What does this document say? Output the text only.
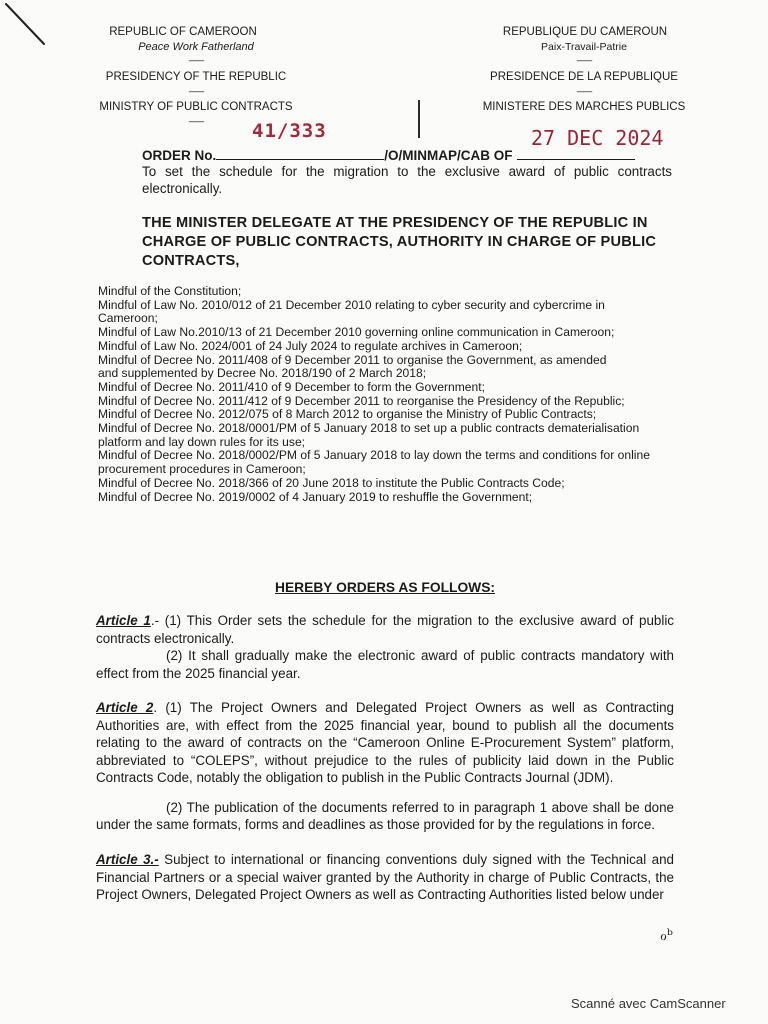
REPUBLIC OF CAMEROON
Peace Work Fatherland
---------
PRESIDENCY OF THE REPUBLIC
---------
MINISTRY OF PUBLIC CONTRACTS
---------
REPUBLIQUE DU CAMEROUN
Paix-Travail-Patrie
---------
PRESIDENCE DE LA REPUBLIQUE
---------
MINISTERE DES MARCHES PUBLICS
41/333	27 DEC 2024
ORDER No.	/O/MINMAP/CAB OF
To set the schedule for the migration to the exclusive award of public contracts electronically.
THE MINISTER DELEGATE AT THE PRESIDENCY OF THE REPUBLIC IN
CHARGE OF PUBLIC CONTRACTS, AUTHORITY IN CHARGE OF PUBLIC
CONTRACTS,
Mindful of the Constitution;
Mindful of Law No. 2010/012 of 21 December 2010 relating to cyber security and cybercrime in
Cameroon;
Mindful of Law No.2010/13 of 21 December 2010 governing online communication in Cameroon;
Mindful of Law No. 2024/001 of 24 July 2024 to regulate archives in Cameroon;
Mindful of Decree No. 2011/408 of 9 December 2011 to organise the Government, as amended
and supplemented by Decree No. 2018/190 of 2 March 2018;
Mindful of Decree No. 2011/410 of 9 December to form the Government;
Mindful of Decree No. 2011/412 of 9 December 2011 to reorganise the Presidency of the Republic;
Mindful of Decree No. 2012/075 of 8 March 2012 to organise the Ministry of Public Contracts;
Mindful of Decree No. 2018/0001/PM of 5 January 2018 to set up a public contracts dematerialisation
platform and lay down rules for its use;
Mindful of Decree No. 2018/0002/PM of 5 January 2018 to lay down the terms and conditions for online
procurement procedures in Cameroon;
Mindful of Decree No. 2018/366 of 20 June 2018 to institute the Public Contracts Code;
Mindful of Decree No. 2019/0002 of 4 January 2019 to reshuffle the Government;
HEREBY ORDERS AS FOLLOWS:
Article 1.- (1) This Order sets the schedule for the migration to the exclusive award of public contracts electronically.
(2) It shall gradually make the electronic award of public contracts mandatory with effect from the 2025 financial year.
Article 2. (1) The Project Owners and Delegated Project Owners as well as Contracting Authorities are, with effect from the 2025 financial year, bound to publish all the documents relating to the award of contracts on the “Cameroon Online E-Procurement System” platform, abbreviated to “COLEPS”, without prejudice to the rules of publicity laid down in the Public Contracts Code, notably the obligation to publish in the Public Contracts Journal (JDM).
(2) The publication of the documents referred to in paragraph 1 above shall be done under the same formats, forms and deadlines as those provided for by the regulations in force.
Article 3.- Subject to international or financing conventions duly signed with the Technical and Financial Partners or a special waiver granted by the Authority in charge of Public Contracts, the Project Owners, Delegated Project Owners as well as Contracting Authorities listed below under
ℴᵇ
Scanné avec CamScanner
